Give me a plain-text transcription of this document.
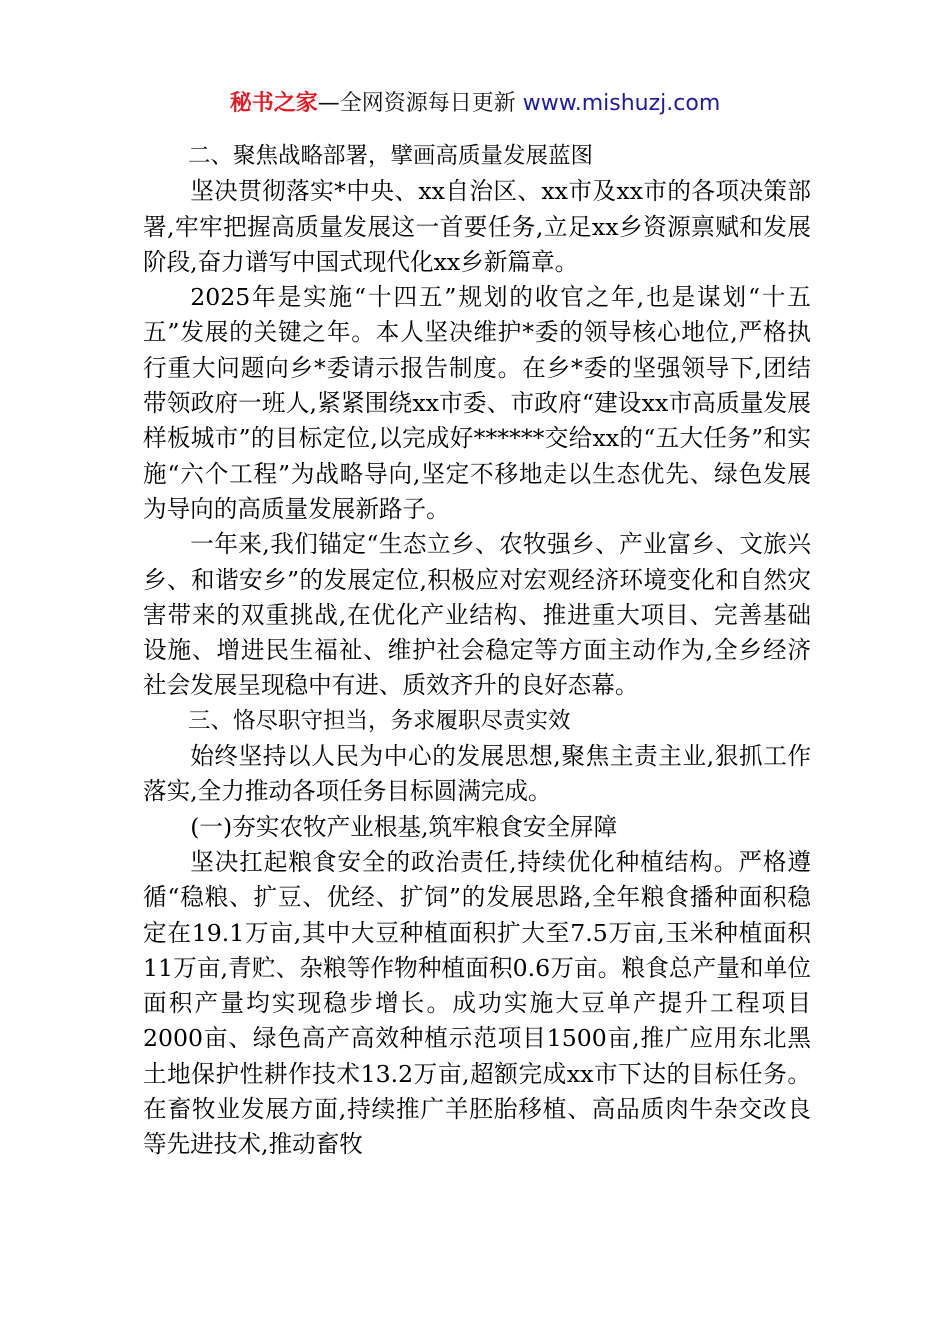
秘书之家—全网资源每日更新 www.mishuzj.com

二、聚焦战略部署，擘画高质量发展蓝图

坚决贯彻落实*中央、xx自治区、xx市及xx市的各项决策部署,牢牢把握高质量发展这一首要任务,立足xx乡资源禀赋和发展阶段,奋力谱写中国式现代化xx乡新篇章。

2025年是实施“十四五”规划的收官之年,也是谋划“十五五”发展的关键之年。本人坚决维护*委的领导核心地位,严格执行重大问题向乡*委请示报告制度。在乡*委的坚强领导下,团结带领政府一班人,紧紧围绕xx市委、市政府“建设xx市高质量发展样板城市”的目标定位,以完成好******交给xx的“五大任务”和实施“六个工程”为战略导向,坚定不移地走以生态优先、绿色发展为导向的高质量发展新路子。

一年来,我们锚定“生态立乡、农牧强乡、产业富乡、文旅兴乡、和谐安乡”的发展定位,积极应对宏观经济环境变化和自然灾害带来的双重挑战,在优化产业结构、推进重大项目、完善基础设施、增进民生福祉、维护社会稳定等方面主动作为,全乡经济社会发展呈现稳中有进、质效齐升的良好态幕。

三、恪尽职守担当，务求履职尽责实效

始终坚持以人民为中心的发展思想,聚焦主责主业,狠抓工作落实,全力推动各项任务目标圆满完成。

(一)夯实农牧产业根基,筑牢粮食安全屏障

坚决扛起粮食安全的政治责任,持续优化种植结构。严格遵循“稳粮、扩豆、优经、扩饲”的发展思路,全年粮食播种面积稳定在19.1万亩,其中大豆种植面积扩大至7.5万亩,玉米种植面积11万亩,青贮、杂粮等作物种植面积0.6万亩。粮食总产量和单位面积产量均实现稳步增长。成功实施大豆单产提升工程项目2000亩、绿色高产高效种植示范项目1500亩,推广应用东北黑土地保护性耕作技术13.2万亩,超额完成xx市下达的目标任务。在畜牧业发展方面,持续推广羊胚胎移植、高品质肉牛杂交改良等先进技术,推动畜牧
